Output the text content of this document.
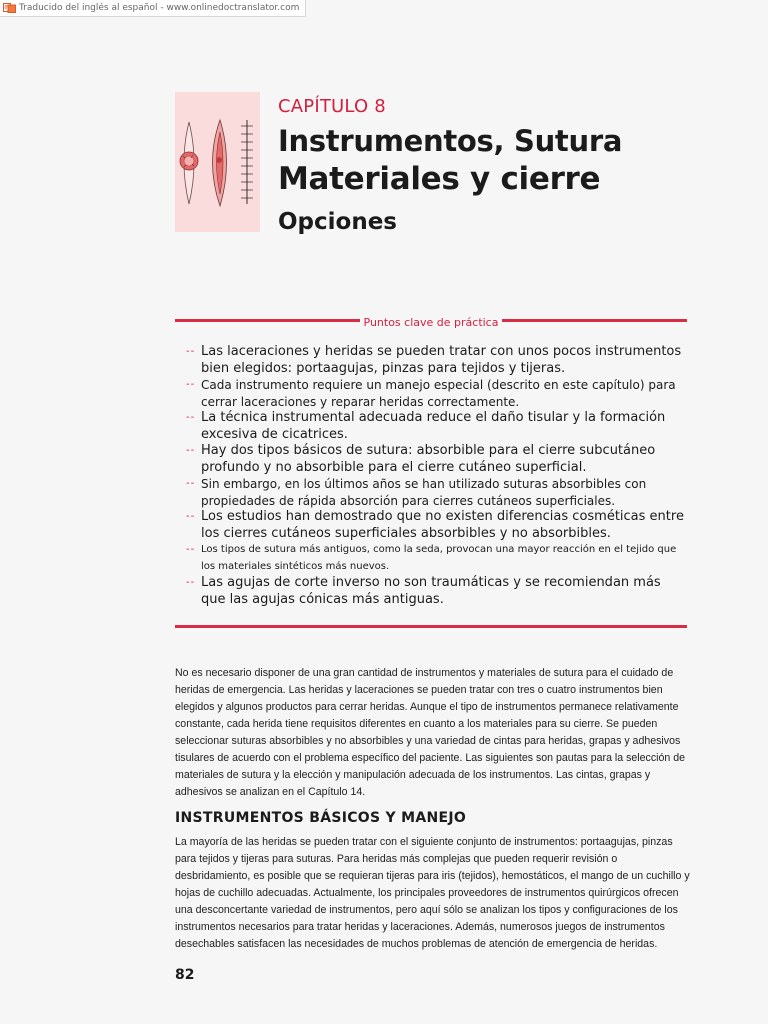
Traducido del inglés al español - www.onlinedoctranslator.com
CAPÍTULO 8
Instrumentos, Sutura
Materiales y cierre
Opciones
Puntos clave de práctica
-- Las laceraciones y heridas se pueden tratar con unos pocos instrumentos bien elegidos: portaagujas, pinzas para tejidos y tijeras.
-- Cada instrumento requiere un manejo especial (descrito en este capítulo) para cerrar laceraciones y reparar heridas correctamente.
-- La técnica instrumental adecuada reduce el daño tisular y la formación excesiva de cicatrices.
-- Hay dos tipos básicos de sutura: absorbible para el cierre subcutáneo profundo y no absorbible para el cierre cutáneo superficial.
-- Sin embargo, en los últimos años se han utilizado suturas absorbibles con propiedades de rápida absorción para cierres cutáneos superficiales.
-- Los estudios han demostrado que no existen diferencias cosméticas entre los cierres cutáneos superficiales absorbibles y no absorbibles.
-- Los tipos de sutura más antiguos, como la seda, provocan una mayor reacción en el tejido que los materiales sintéticos más nuevos.
-- Las agujas de corte inverso no son traumáticas y se recomiendan más que las agujas cónicas más antiguas.
No es necesario disponer de una gran cantidad de instrumentos y materiales de sutura para el cuidado de heridas de emergencia. Las heridas y laceraciones se pueden tratar con tres o cuatro instrumentos bien elegidos y algunos productos para cerrar heridas. Aunque el tipo de instrumentos permanece relativamente constante, cada herida tiene requisitos diferentes en cuanto a los materiales para su cierre. Se pueden seleccionar suturas absorbibles y no absorbibles y una variedad de cintas para heridas, grapas y adhesivos tisulares de acuerdo con el problema específico del paciente. Las siguientes son pautas para la selección de materiales de sutura y la elección y manipulación adecuada de los instrumentos. Las cintas, grapas y adhesivos se analizan en el Capítulo 14.
INSTRUMENTOS BÁSICOS Y MANEJO
La mayoría de las heridas se pueden tratar con el siguiente conjunto de instrumentos: portaagujas, pinzas para tejidos y tijeras para suturas. Para heridas más complejas que pueden requerir revisión o desbridamiento, es posible que se requieran tijeras para iris (tejidos), hemostáticos, el mango de un cuchillo y hojas de cuchillo adecuadas. Actualmente, los principales proveedores de instrumentos quirúrgicos ofrecen una desconcertante variedad de instrumentos, pero aquí sólo se analizan los tipos y configuraciones de los instrumentos necesarios para tratar heridas y laceraciones. Además, numerosos juegos de instrumentos desechables satisfacen las necesidades de muchos problemas de atención de emergencia de heridas.
82
